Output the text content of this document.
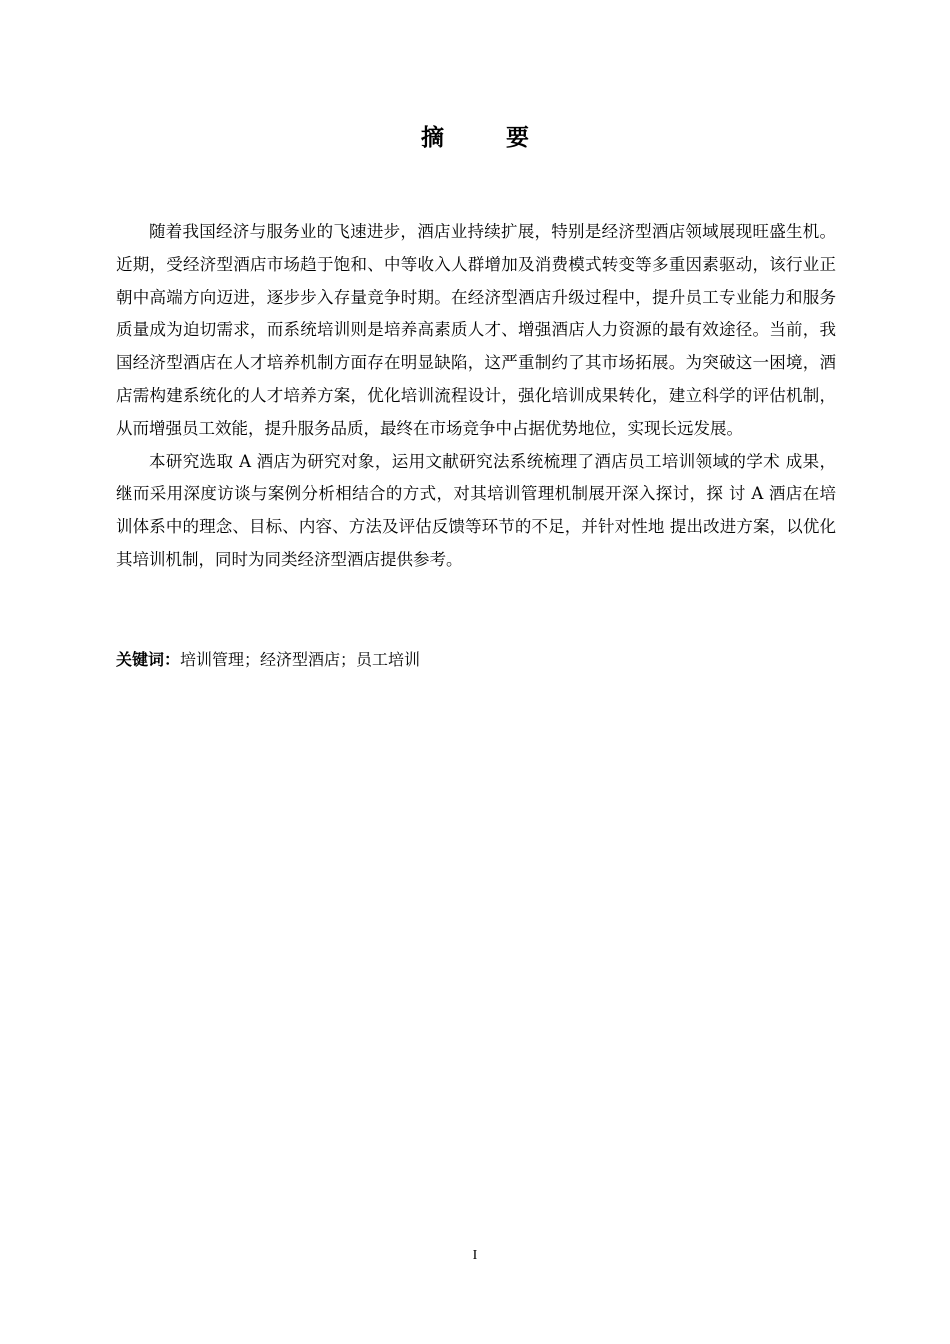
摘 要

随着我国经济与服务业的飞速进步，酒店业持续扩展，特别是经济型酒店领域展现旺盛生机。近期，受经济型酒店市场趋于饱和、中等收入人群增加及消费模式转变等多重因素驱动，该行业正朝中高端方向迈进，逐步步入存量竞争时期。在经济型酒店升级过程中，提升员工专业能力和服务质量成为迫切需求，而系统培训则是培养高素质人才、增强酒店人力资源的最有效途径。当前，我国经济型酒店在人才培养机制方面存在明显缺陷，这严重制约了其市场拓展。为突破这一困境，酒店需构建系统化的人才培养方案，优化培训流程设计，强化培训成果转化，建立科学的评估机制，从而增强员工效能，提升服务品质，最终在市场竞争中占据优势地位，实现长远发展。

本研究选取 A 酒店为研究对象，运用文献研究法系统梳理了酒店员工培训领域的学术 成果，继而采用深度访谈与案例分析相结合的方式，对其培训管理机制展开深入探讨，探 讨 A 酒店在培训体系中的理念、目标、内容、方法及评估反馈等环节的不足，并针对性地 提出改进方案，以优化其培训机制，同时为同类经济型酒店提供参考。

关键词：培训管理；经济型酒店；员工培训
I
